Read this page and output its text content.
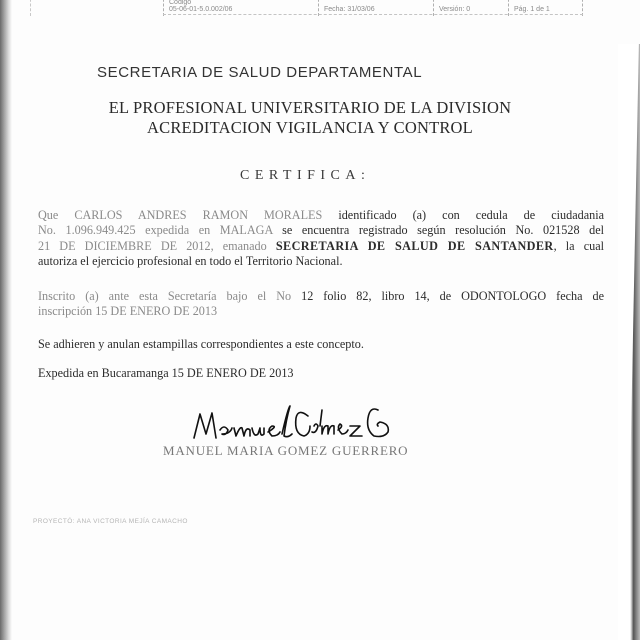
Código
05-06-01-5.0.002/06	Fecha: 31/03/06	Versión: 0	Pág. 1 de 1
SECRETARIA DE SALUD DEPARTAMENTAL
EL PROFESIONAL UNIVERSITARIO DE LA DIVISION
ACREDITACION VIGILANCIA Y CONTROL
CERTIFICA:
Que CARLOS ANDRES RAMON MORALES identificado (a) con cedula de ciudadania
No. 1.096.949.425 expedida en MALAGA se encuentra registrado según resolución No. 021528 del
21 DE DICIEMBRE DE 2012, emanado SECRETARIA DE SALUD DE SANTANDER, la cual
autoriza el ejercicio profesional en todo el Territorio Nacional.
Inscrito (a) ante esta Secretaría bajo el No 12 folio 82, libro 14, de ODONTOLOGO fecha de
inscripción 15 DE ENERO DE 2013
Se adhieren y anulan estampillas correspondientes a este concepto.
Expedida en Bucaramanga 15 DE ENERO DE 2013
MANUEL MARIA GOMEZ GUERRERO
PROYECTÓ: ANA VICTORIA MEJÍA CAMACHO
